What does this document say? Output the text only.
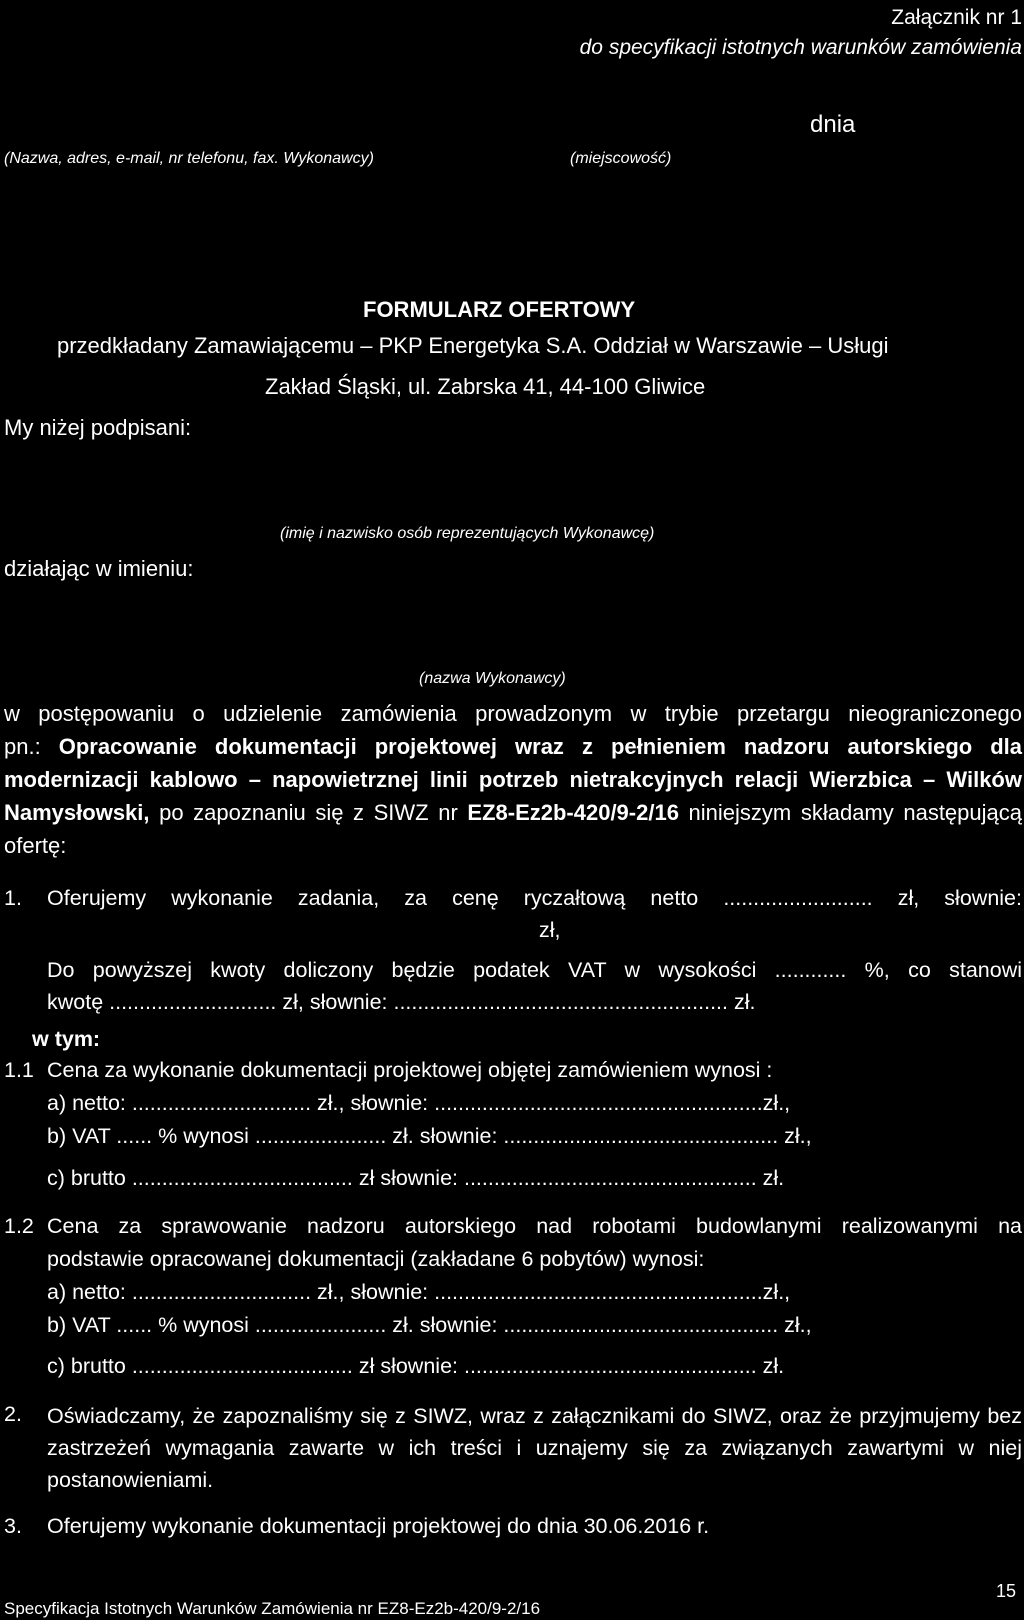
Załącznik nr 1
do specyfikacji istotnych warunków zamówienia
dnia
(Nazwa, adres, e-mail, nr telefonu, fax. Wykonawcy)	(miejscowość)
FORMULARZ OFERTOWY
przedkładany Zamawiającemu – PKP Energetyka S.A. Oddział w Warszawie – Usługi
Zakład Śląski, ul. Zabrska 41, 44-100 Gliwice
My niżej podpisani:
(imię i nazwisko osób reprezentujących Wykonawcę)
działając w imieniu:
(nazwa Wykonawcy)
w postępowaniu o udzielenie zamówienia prowadzonym w trybie przetargu nieograniczonego
pn.: Opracowanie dokumentacji projektowej wraz z pełnieniem nadzoru autorskiego dla modernizacji kablowo – napowietrznej linii potrzeb nietrakcyjnych relacji Wierzbica – Wilków Namysłowski, po zapoznaniu się z SIWZ nr EZ8-Ez2b-420/9-2/16 niniejszym składamy następującą ofertę:
1. Oferujemy wykonanie zadania, za cenę ryczałtową netto ......................... zł, słownie:
zł,
Do powyższej kwoty doliczony będzie podatek VAT w wysokości ............ %, co stanowi
kwotę ............................ zł, słownie: ........................................................ zł.
w tym:
1.1 Cena za wykonanie dokumentacji projektowej objętej zamówieniem wynosi :
a) netto: .............................. zł., słownie: .......................................................zł.,
b) VAT ...... % wynosi ...................... zł. słownie: .............................................. zł.,
c) brutto ..................................... zł słownie: ................................................. zł.
1.2 Cena za sprawowanie nadzoru autorskiego nad robotami budowlanymi realizowanymi na
podstawie opracowanej dokumentacji (zakładane 6 pobytów) wynosi:
a) netto: .............................. zł., słownie: .......................................................zł.,
b) VAT ...... % wynosi ...................... zł. słownie: .............................................. zł.,
c) brutto ..................................... zł słownie: ................................................. zł.
2. Oświadczamy, że zapoznaliśmy się z SIWZ, wraz z załącznikami do SIWZ, oraz że przyjmujemy bez zastrzeżeń wymagania zawarte w ich treści i uznajemy się za związanych zawartymi w niej postanowieniami.
3. Oferujemy wykonanie dokumentacji projektowej do dnia 30.06.2016 r.
15
Specyfikacja Istotnych Warunków Zamówienia nr EZ8-Ez2b-420/9-2/16
